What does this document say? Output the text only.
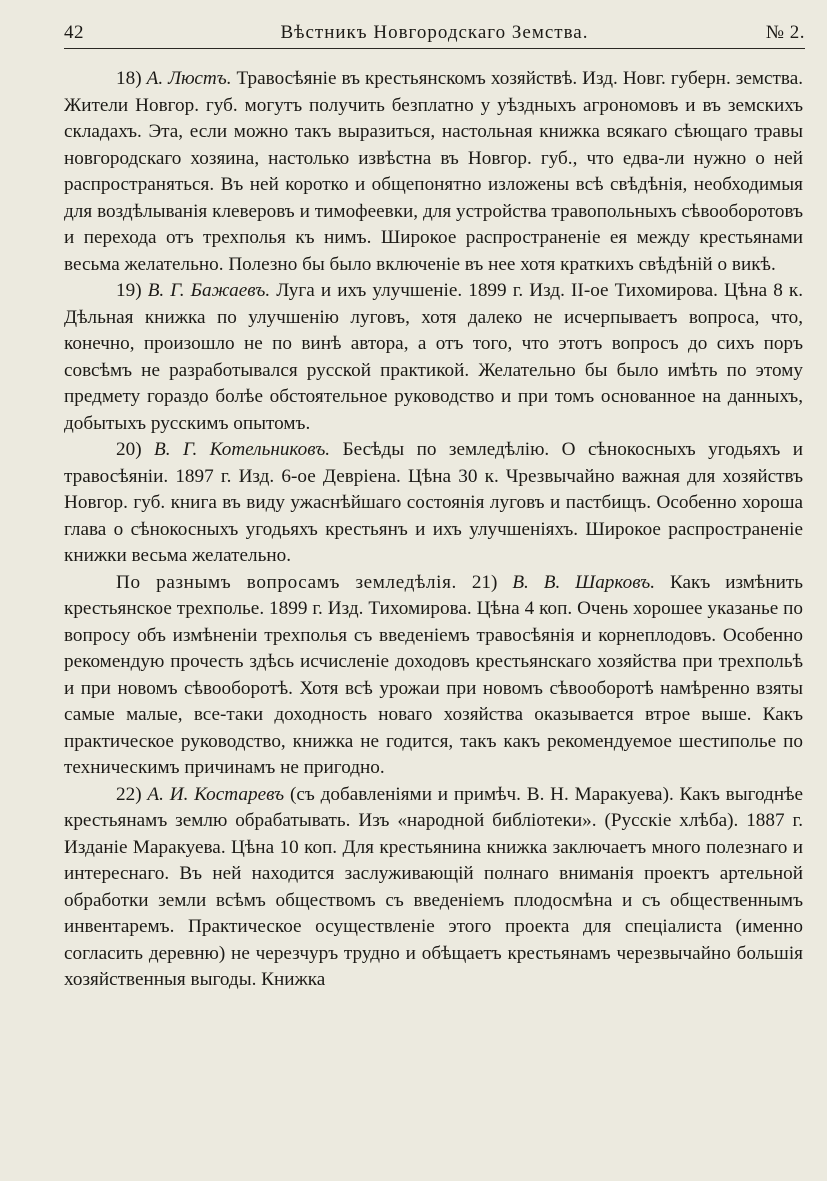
42	Вѣстникъ Новгородскаго Земства.	№ 2.

18) А. Люстъ. Травосѣяніе въ крестьянскомъ хозяйствѣ. Изд. Новг. губерн. земства. Жители Новгор. губ. могутъ получить безплатно у уѣздныхъ агрономовъ и въ земскихъ складахъ. Эта, если можно такъ выразиться, настольная книжка всякаго сѣющаго травы новгородскаго хозяина, настолько извѣстна въ Новгор. губ., что едва-ли нужно о ней распространяться. Въ ней коротко и общепонятно изложены всѣ свѣдѣнія, необходимыя для воздѣлыванія клеверовъ и тимофеевки, для устройства травопольныхъ сѣвооборотовъ и перехода отъ трехполья къ нимъ. Широкое распространеніе ея между крестьянами весьма желательно. Полезно бы было включеніе въ нее хотя краткихъ свѣдѣній о викѣ.

19) В. Г. Бажаевъ. Луга и ихъ улучшеніе. 1899 г. Изд. II-ое Тихомирова. Цѣна 8 к. Дѣльная книжка по улучшенію луговъ, хотя далеко не исчерпываетъ вопроса, что, конечно, произошло не по винѣ автора, а отъ того, что этотъ вопросъ до сихъ поръ совсѣмъ не разработывался русской практикой. Желательно бы было имѣть по этому предмету гораздо болѣе обстоятельное руководство и при томъ основанное на данныхъ, добытыхъ русскимъ опытомъ.

20) В. Г. Котельниковъ. Бесѣды по земледѣлію. О сѣнокосныхъ угодьяхъ и травосѣяніи. 1897 г. Изд. 6-ое Девріена. Цѣна 30 к. Чрезвычайно важная для хозяйствъ Новгор. губ. книга въ виду ужаснѣйшаго состоянія луговъ и пастбищъ. Особенно хороша глава о сѣнокосныхъ угодьяхъ крестьянъ и ихъ улучшеніяхъ. Широкое распространеніе книжки весьма желательно.

По разнымъ вопросамъ земледѣлія. 21) В. В. Шарковъ. Какъ измѣнить крестьянское трехполье. 1899 г. Изд. Тихомирова. Цѣна 4 коп. Очень хорошее указанье по вопросу объ измѣненіи трехполья съ введеніемъ травосѣянія и корнеплодовъ. Особенно рекомендую прочесть здѣсь исчисленіе доходовъ крестьянскаго хозяйства при трехпольѣ и при новомъ сѣвооборотѣ. Хотя всѣ урожаи при новомъ сѣвооборотѣ намѣренно взяты самые малые, все-таки доходность новаго хозяйства оказывается втрое выше. Какъ практическое руководство, книжка не годится, такъ какъ рекомендуемое шестиполье по техническимъ причинамъ не пригодно.

22) А. И. Костаревъ (съ добавленіями и примѣч. В. Н. Маракуева). Какъ выгоднѣе крестьянамъ землю обрабатывать. Изъ «народной библіотеки». (Русскіе хлѣба). 1887 г. Изданіе Маракуева. Цѣна 10 коп. Для крестьянина книжка заключаетъ много полезнаго и интереснаго. Въ ней находится заслуживающій полнаго вниманія проектъ артельной обработки земли всѣмъ обществомъ съ введеніемъ плодосмѣна и съ общественнымъ инвентаремъ. Практическое осуществленіе этого проекта для спеціалиста (именно согласить деревню) не черезчуръ трудно и обѣщаетъ крестьянамъ черезвычайно большія хозяйственныя выгоды. Книжка
